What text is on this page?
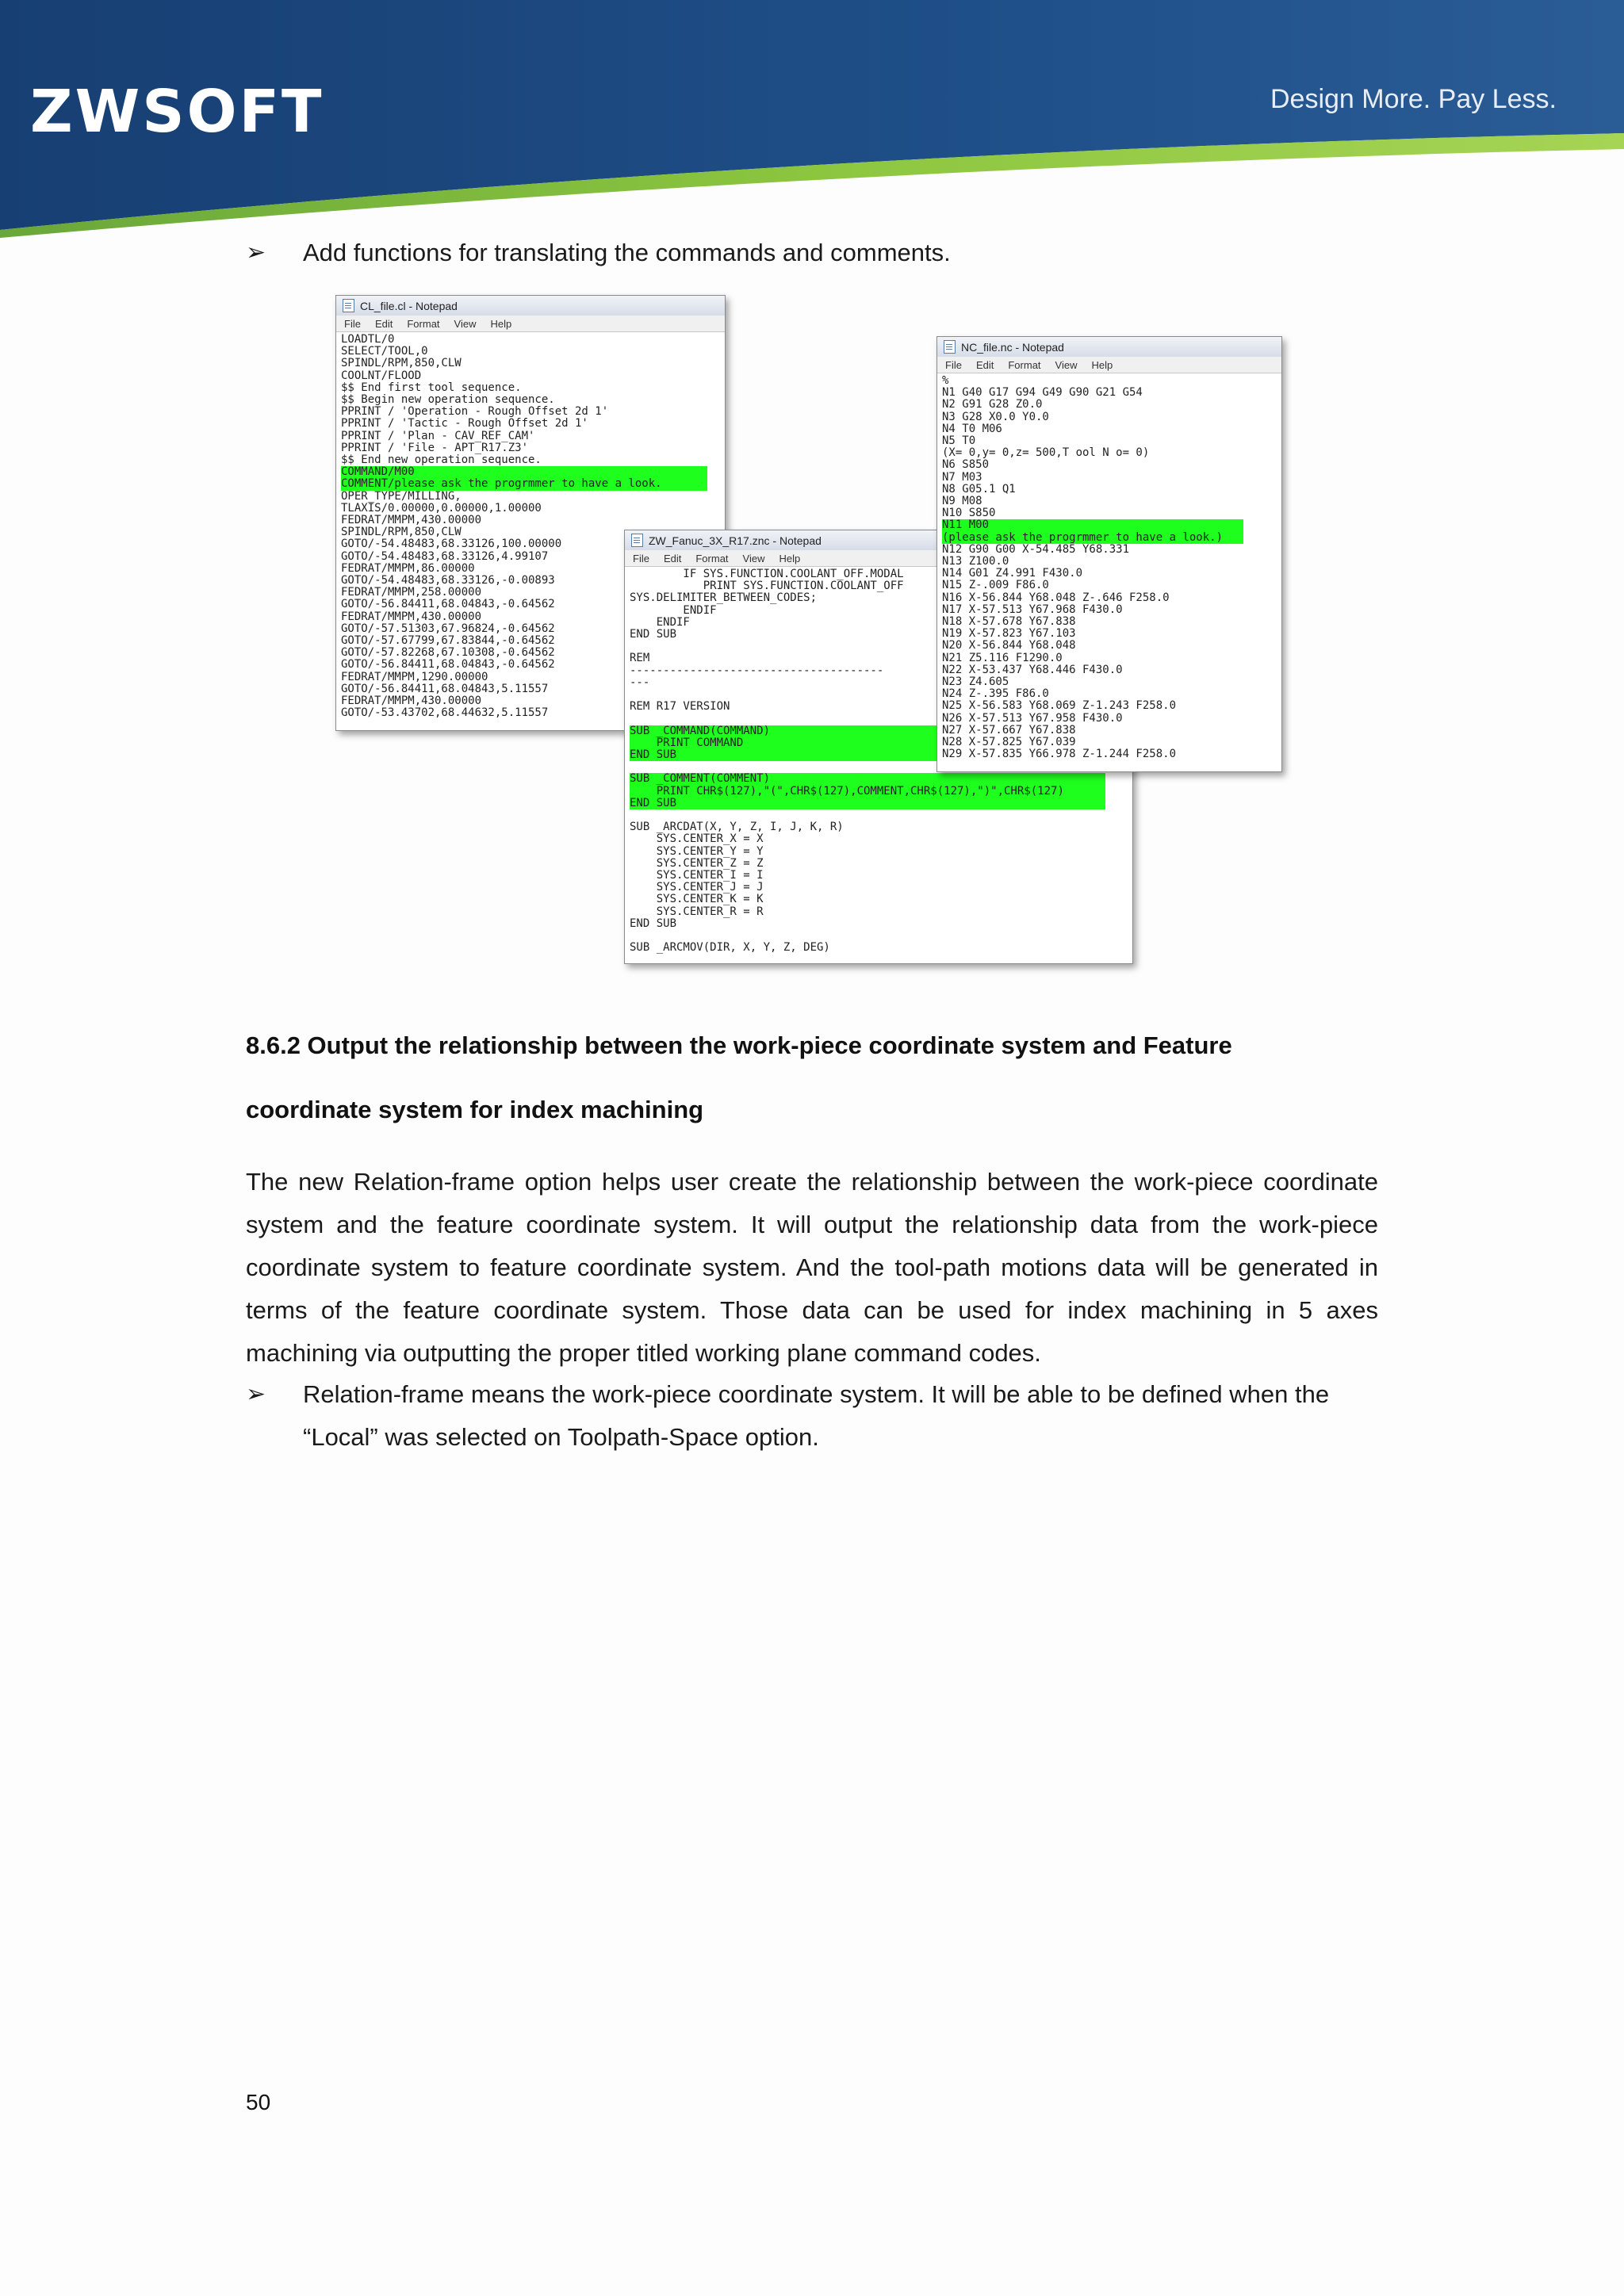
ZWSOFT	Design More. Pay Less.
➢	Add functions for translating the commands and comments.
CL_file.cl - Notepad
File Edit Format View Help
LOADTL/0
SELECT/TOOL,0
SPINDL/RPM,850,CLW
COOLNT/FLOOD
$$ End first tool sequence.
$$ Begin new operation sequence.
PPRINT / 'Operation - Rough Offset 2d 1'
PPRINT / 'Tactic - Rough Offset 2d 1'
PPRINT / 'Plan - CAV_REF_CAM'
PPRINT / 'File - APT_R17.Z3'
$$ End new operation sequence.
COMMAND/M00
COMMENT/please ask the progrmmer to have a look.
OPER_TYPE/MILLING,
TLAXIS/0.00000,0.00000,1.00000
FEDRAT/MMPM,430.00000
SPINDL/RPM,850,CLW
GOTO/-54.48483,68.33126,100.00000
GOTO/-54.48483,68.33126,4.99107
FEDRAT/MMPM,86.00000
GOTO/-54.48483,68.33126,-0.00893
FEDRAT/MMPM,258.00000
GOTO/-56.84411,68.04843,-0.64562
FEDRAT/MMPM,430.00000
GOTO/-57.51303,67.96824,-0.64562
GOTO/-57.67799,67.83844,-0.64562
GOTO/-57.82268,67.10308,-0.64562
GOTO/-56.84411,68.04843,-0.64562
FEDRAT/MMPM,1290.00000
GOTO/-56.84411,68.04843,5.11557
FEDRAT/MMPM,430.00000
GOTO/-53.43702,68.44632,5.11557
ZW_Fanuc_3X_R17.znc - Notepad
File Edit Format View Help
IF SYS.FUNCTION.COOLANT_OFF.MODAL
PRINT SYS.FUNCTION.COOLANT_OFF
SYS.DELIMITER_BETWEEN_CODES;
ENDIF
ENDIF
END SUB

REM
--------------------------------------
---

REM R17 VERSION

SUB _COMMAND(COMMAND)
PRINT COMMAND
END SUB

SUB _COMMENT(COMMENT)
PRINT CHR$(127),"(",CHR$(127),COMMENT,CHR$(127),")",CHR$(127)
END SUB

SUB _ARCDAT(X, Y, Z, I, J, K, R)
SYS.CENTER_X = X
SYS.CENTER_Y = Y
SYS.CENTER_Z = Z
SYS.CENTER_I = I
SYS.CENTER_J = J
SYS.CENTER_K = K
SYS.CENTER_R = R
END SUB

SUB _ARCMOV(DIR, X, Y, Z, DEG)
NC_file.nc - Notepad
File Edit Format View Help
%
N1 G40 G17 G94 G49 G90 G21 G54
N2 G91 G28 Z0.0
N3 G28 X0.0 Y0.0
N4 T0 M06
N5 T0
(X= 0,y= 0,z= 500,T ool N o= 0)
N6 S850
N7 M03
N8 G05.1 Q1
N9 M08
N10 S850
N11 M00
(please ask the progrmmer to have a look.)
N12 G90 G00 X-54.485 Y68.331
N13 Z100.0
N14 G01 Z4.991 F430.0
N15 Z-.009 F86.0
N16 X-56.844 Y68.048 Z-.646 F258.0
N17 X-57.513 Y67.968 F430.0
N18 X-57.678 Y67.838
N19 X-57.823 Y67.103
N20 X-56.844 Y68.048
N21 Z5.116 F1290.0
N22 X-53.437 Y68.446 F430.0
N23 Z4.605
N24 Z-.395 F86.0
N25 X-56.583 Y68.069 Z-1.243 F258.0
N26 X-57.513 Y67.958 F430.0
N27 X-57.667 Y67.838
N28 X-57.825 Y67.039
N29 X-57.835 Y66.978 Z-1.244 F258.0
8.6.2 Output the relationship between the work-piece coordinate system and Feature
coordinate system for index machining
The new Relation-frame option helps user create the relationship between the work-piece coordinate system and the feature coordinate system. It will output the relationship data from the work-piece coordinate system to feature coordinate system. And the tool-path motions data will be generated in terms of the feature coordinate system. Those data can be used for index machining in 5 axes machining via outputting the proper titled working plane command codes.
➢	Relation-frame means the work-piece coordinate system. It will be able to be defined when the “Local” was selected on Toolpath-Space option.
50
